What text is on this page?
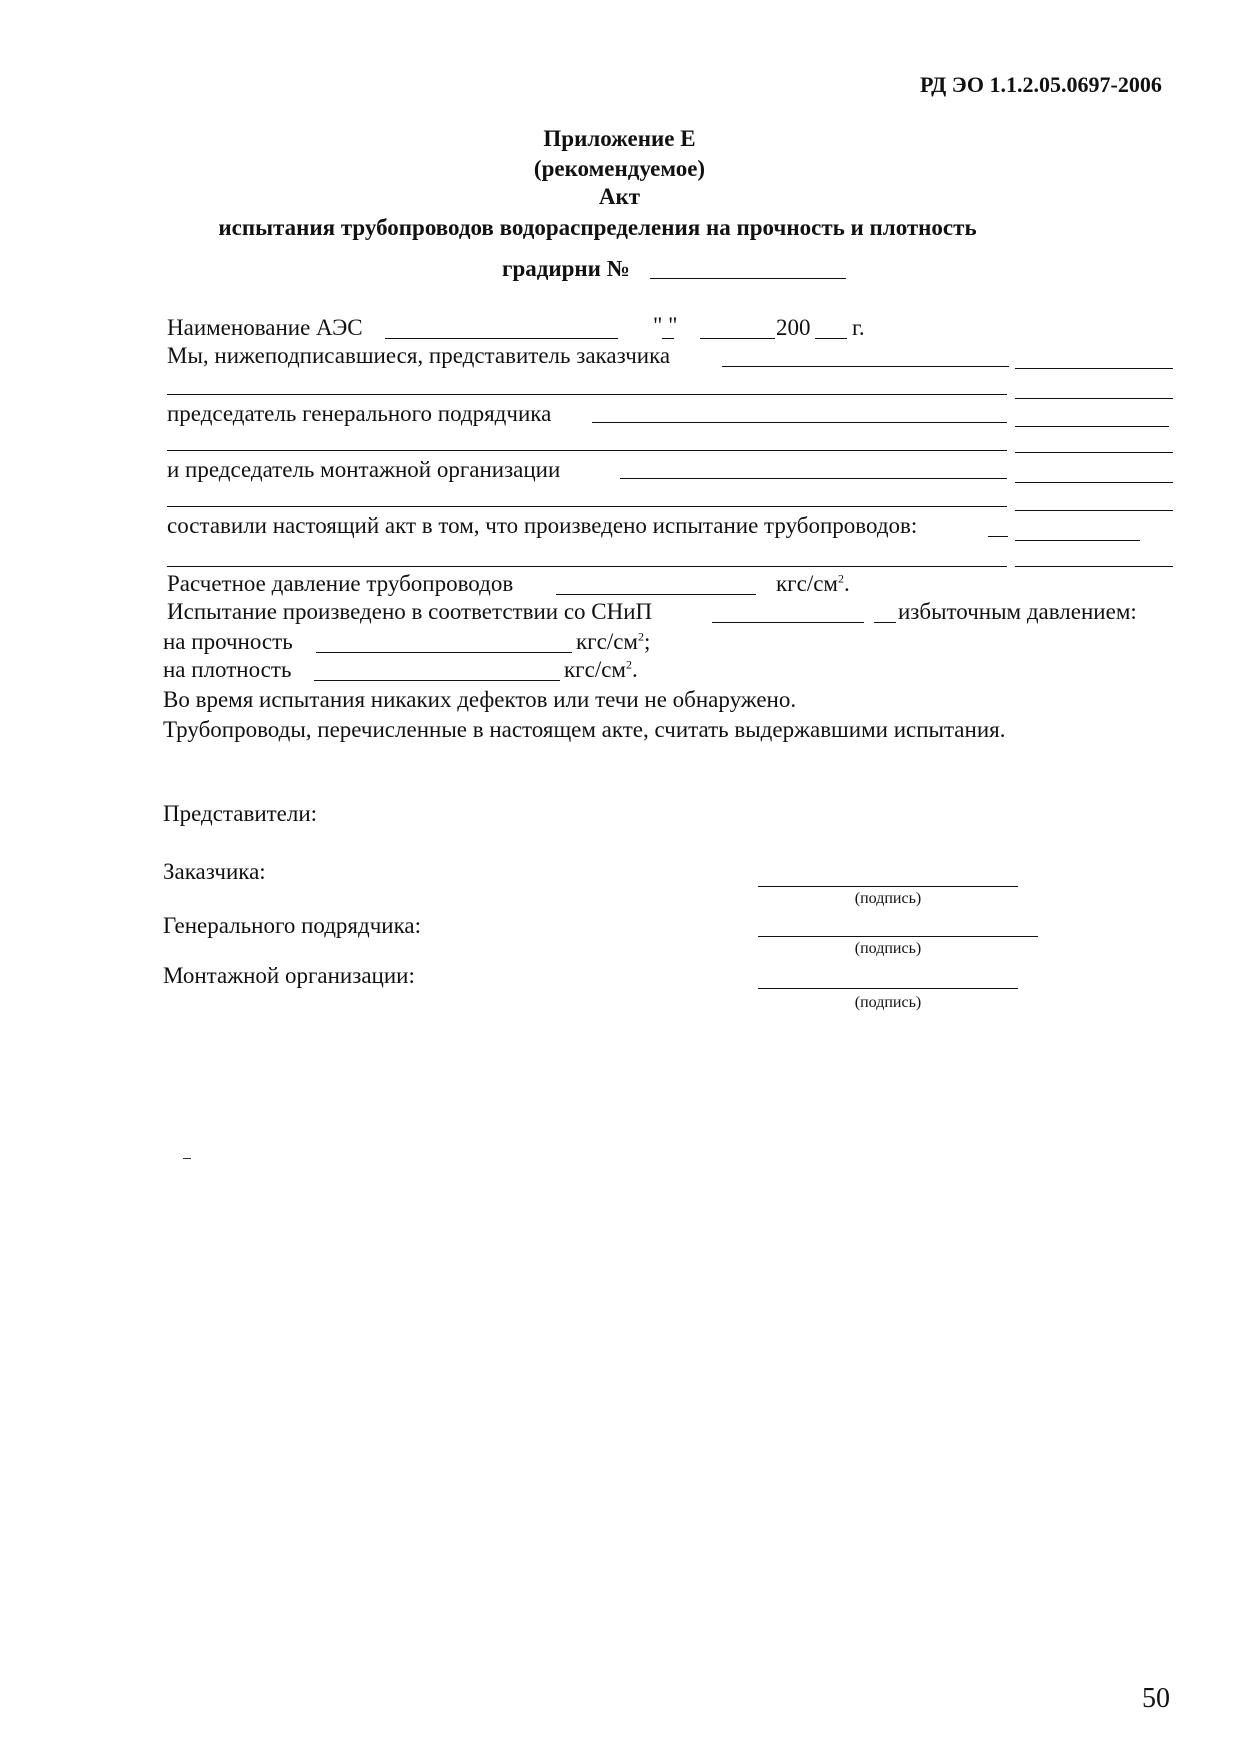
РД ЭО 1.1.2.05.0697-2006
Приложение Е
(рекомендуемое)
Акт
испытания трубопроводов водораспределения на прочность и плотность
градирни №
Наименование АЭС	" "	200 г.
Мы, нижеподписавшиеся, представитель заказчика
председатель генерального подрядчика
и председатель монтажной организации
составили настоящий акт в том, что произведено испытание трубопроводов:
Расчетное давление трубопроводов	кгс/$см^2$.
Испытание произведено в соответствии со СНиП	избыточным давлением:
на прочность	кгс/$см^2$;
на плотность	кгс/$см^2$.
Во время испытания никаких дефектов или течи не обнаружено.
Трубопроводы, перечисленные в настоящем акте, считать выдержавшими испытания.
Представители:
Заказчика:
(подпись)
Генерального подрядчика:
(подпись)
Монтажной организации:
(подпись)
50
